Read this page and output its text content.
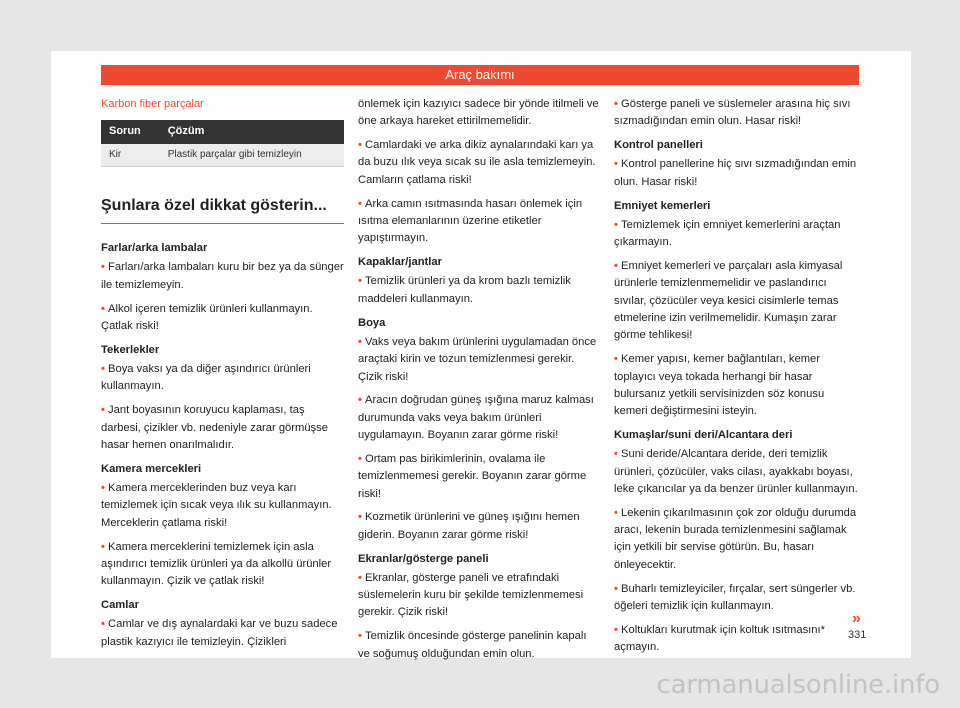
Araç bakımı

Karbon fiber parçalar

Sorun	Çözüm
Kir	Plastik parçalar gibi temizleyin
Şunlara özel dikkat gösterin...
Farlar/arka lambalar

• Farları/arka lambaları kuru bir bez ya da sünger ile temizlemeyin.

• Alkol içeren temizlik ürünleri kullanmayın. Çatlak riski!

Tekerlekler

• Boya vaksı ya da diğer aşındırıcı ürünleri kullanmayın.

• Jant boyasının koruyucu kaplaması, taş darbesi, çizikler vb. nedeniyle zarar görmüşse hasar hemen onarılmalıdır.

Kamera mercekleri

• Kamera merceklerinden buz veya karı temizlemek için sıcak veya ılık su kullanmayın. Merceklerin çatlama riski!

• Kamera merceklerini temizlemek için asla aşındırıcı temizlik ürünleri ya da alkollü ürünler kullanmayın. Çizik ve çatlak riski!

Camlar

• Camlar ve dış aynalardaki kar ve buzu sadece plastik kazıyıcı ile temizleyin. Çizikleri

önlemek için kazıyıcı sadece bir yönde itilmeli ve öne arkaya hareket ettirilmemelidir.

• Camlardaki ve arka dikiz aynalarındaki karı ya da buzu ılık veya sıcak su ile asla temizlemeyin. Camların çatlama riski!

• Arka camın ısıtmasında hasarı önlemek için ısıtma elemanlarının üzerine etiketler yapıştırmayın.

Kapaklar/jantlar

• Temizlik ürünleri ya da krom bazlı temizlik maddeleri kullanmayın.

Boya

• Vaks veya bakım ürünlerini uygulamadan önce araçtaki kirin ve tozun temizlenmesi gerekir. Çizik riski!

• Aracın doğrudan güneş ışığına maruz kalması durumunda vaks veya bakım ürünleri uygulamayın. Boyanın zarar görme riski!

• Ortam pas birikimlerinin, ovalama ile temizlenmemesi gerekir. Boyanın zarar görme riski!

• Kozmetik ürünlerini ve güneş ışığını hemen giderin. Boyanın zarar görme riski!

Ekranlar/gösterge paneli

• Ekranlar, gösterge paneli ve etrafındaki süslemelerin kuru bir şekilde temizlenmemesi gerekir. Çizik riski!

• Temizlik öncesinde gösterge panelinin kapalı ve soğumuş olduğundan emin olun.

• Gösterge paneli ve süslemeler arasına hiç sıvı sızmadığından emin olun. Hasar riski!

Kontrol panelleri

• Kontrol panellerine hiç sıvı sızmadığından emin olun. Hasar riski!

Emniyet kemerleri

• Temizlemek için emniyet kemerlerini araçtan çıkarmayın.

• Emniyet kemerleri ve parçaları asla kimyasal ürünlerle temizlenmemelidir ve paslandırıcı sıvılar, çözücüler veya kesici cisimlerle temas etmelerine izin verilmemelidir. Kumaşın zarar görme tehlikesi!

• Kemer yapısı, kemer bağlantıları, kemer toplayıcı veya tokada herhangi bir hasar bulursanız yetkili servisinizden söz konusu kemeri değiştirmesini isteyin.

Kumaşlar/suni deri/Alcantara deri

• Suni deride/Alcantara deride, deri temizlik ürünleri, çözücüler, vaks cilası, ayakkabı boyası, leke çıkarıcılar ya da benzer ürünler kullanmayın.

• Lekenin çıkarılmasının çok zor olduğu durumda aracı, lekenin burada temizlenmesini sağlamak için yetkili bir servise götürün. Bu, hasarı önleyecektir.

• Buharlı temizleyiciler, fırçalar, sert süngerler vb. öğeleri temizlik için kullanmayın.

• Koltukları kurutmak için koltuk ısıtmasını* açmayın.

»
331
carmanualsonline.info
